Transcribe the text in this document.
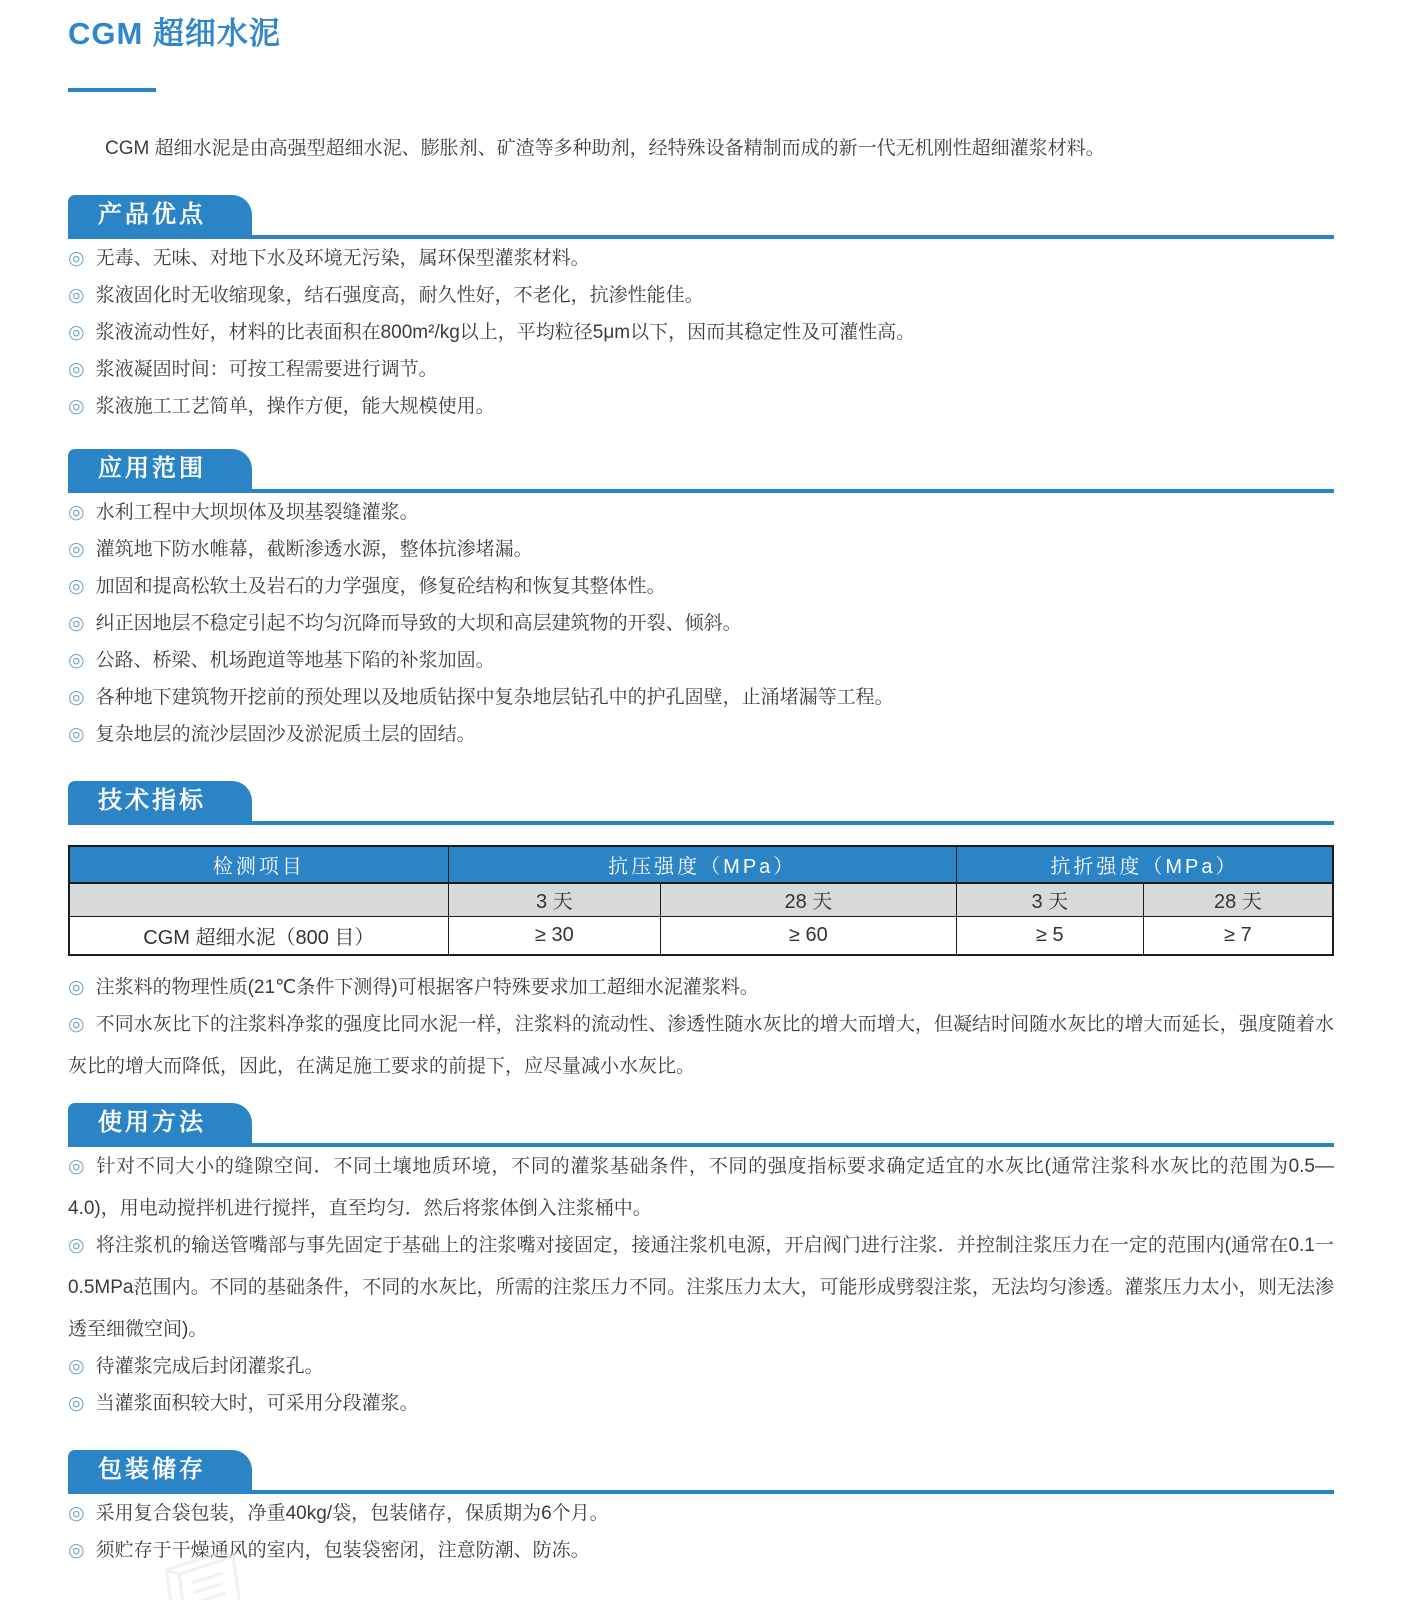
CGM 超细水泥

CGM 超细水泥是由高强型超细水泥、膨胀剂、矿渣等多种助剂，经特殊设备精制而成的新一代无机刚性超细灌浆材料。

产品优点
◎ 无毒、无味、对地下水及环境无污染，属环保型灌浆材料。
◎ 浆液固化时无收缩现象，结石强度高，耐久性好，不老化，抗渗性能佳。
◎ 浆液流动性好，材料的比表面积在800m²/kg以上，平均粒径5μm以下，因而其稳定性及可灌性高。
◎ 浆液凝固时间：可按工程需要进行调节。
◎ 浆液施工工艺简单，操作方便，能大规模使用。
应用范围
◎ 水利工程中大坝坝体及坝基裂缝灌浆。
◎ 灌筑地下防水帷幕，截断渗透水源，整体抗渗堵漏。
◎ 加固和提高松软土及岩石的力学强度，修复砼结构和恢复其整体性。
◎ 纠正因地层不稳定引起不均匀沉降而导致的大坝和高层建筑物的开裂、倾斜。
◎ 公路、桥梁、机场跑道等地基下陷的补浆加固。
◎ 各种地下建筑物开挖前的预处理以及地质钻探中复杂地层钻孔中的护孔固壁，止涌堵漏等工程。
◎ 复杂地层的流沙层固沙及淤泥质土层的固结。
技术指标
检测项目	抗压强度（MPa）		抗折强度（MPa）	
	3 天	28 天	3 天	28 天
CGM 超细水泥（800 目）	≥ 30	≥ 60	≥ 5	≥ 7
◎ 注浆料的物理性质(21℃条件下测得)可根据客户特殊要求加工超细水泥灌浆料。
◎ 不同水灰比下的注浆料净浆的强度比同水泥一样，注浆料的流动性、渗透性随水灰比的增大而增大，但凝结时间随水灰比的增大而延长，强度随着水灰比的增大而降低，因此，在满足施工要求的前提下，应尽量减小水灰比。
使用方法
◎ 针对不同大小的缝隙空间．不同土壤地质环境，不同的灌浆基础条件，不同的强度指标要求确定适宜的水灰比(通常注浆科水灰比的范围为0.5—4.0)，用电动搅拌机进行搅拌，直至均匀．然后将浆体倒入注浆桶中。
◎ 将注浆机的输送管嘴部与事先固定于基础上的注浆嘴对接固定，接通注浆机电源，开启阀门进行注浆．并控制注浆压力在一定的范围内(通常在0.1一0.5MPa范围内。不同的基础条件，不同的水灰比，所需的注浆压力不同。注浆压力太大，可能形成劈裂注浆，无法均匀渗透。灌浆压力太小，则无法渗透至细微空间)。
◎ 待灌浆完成后封闭灌浆孔。
◎ 当灌浆面积较大时，可采用分段灌浆。
包装储存
◎ 采用复合袋包装，净重40kg/袋，包装储存，保质期为6个月。
◎ 须贮存于干燥通风的室内，包装袋密闭，注意防潮、防冻。
